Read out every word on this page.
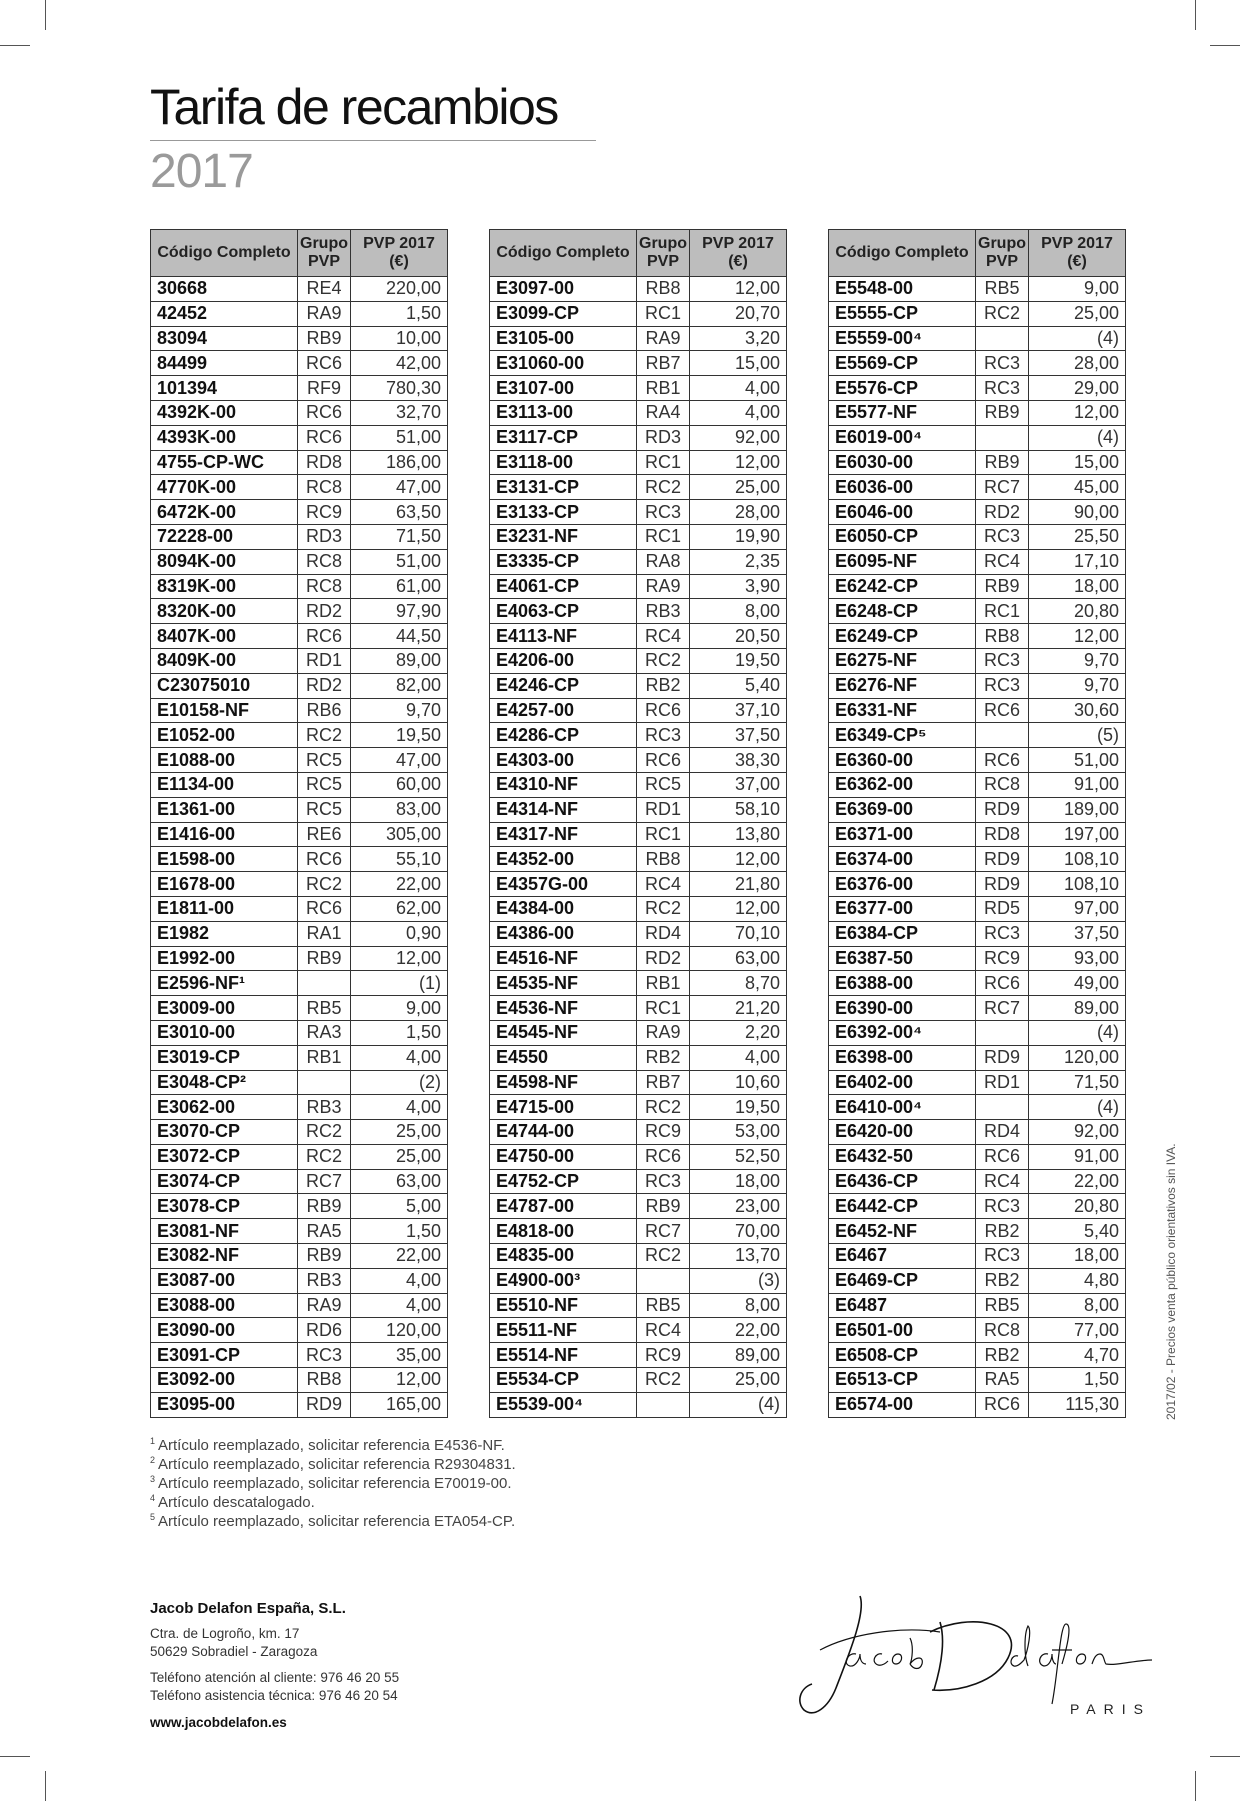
Tarifa de recambios
2017
Código Completo	Grupo PVP	PVP 2017 (€)
30668	RE4	220,00
42452	RA9	1,50
83094	RB9	10,00
84499	RC6	42,00
101394	RF9	780,30
4392K-00	RC6	32,70
4393K-00	RC6	51,00
4755-CP-WC	RD8	186,00
4770K-00	RC8	47,00
6472K-00	RC9	63,50
72228-00	RD3	71,50
8094K-00	RC8	51,00
8319K-00	RC8	61,00
8320K-00	RD2	97,90
8407K-00	RC6	44,50
8409K-00	RD1	89,00
C23075010	RD2	82,00
E10158-NF	RB6	9,70
E1052-00	RC2	19,50
E1088-00	RC5	47,00
E1134-00	RC5	60,00
E1361-00	RC5	83,00
E1416-00	RE6	305,00
E1598-00	RC6	55,10
E1678-00	RC2	22,00
E1811-00	RC6	62,00
E1982	RA1	0,90
E1992-00	RB9	12,00
E2596-NF¹		(1)
E3009-00	RB5	9,00
E3010-00	RA3	1,50
E3019-CP	RB1	4,00
E3048-CP²		(2)
E3062-00	RB3	4,00
E3070-CP	RC2	25,00
E3072-CP	RC2	25,00
E3074-CP	RC7	63,00
E3078-CP	RB9	5,00
E3081-NF	RA5	1,50
E3082-NF	RB9	22,00
E3087-00	RB3	4,00
E3088-00	RA9	4,00
E3090-00	RD6	120,00
E3091-CP	RC3	35,00
E3092-00	RB8	12,00
E3095-00	RD9	165,00
Código Completo	Grupo PVP	PVP 2017 (€)
E3097-00	RB8	12,00
E3099-CP	RC1	20,70
E3105-00	RA9	3,20
E31060-00	RB7	15,00
E3107-00	RB1	4,00
E3113-00	RA4	4,00
E3117-CP	RD3	92,00
E3118-00	RC1	12,00
E3131-CP	RC2	25,00
E3133-CP	RC3	28,00
E3231-NF	RC1	19,90
E3335-CP	RA8	2,35
E4061-CP	RA9	3,90
E4063-CP	RB3	8,00
E4113-NF	RC4	20,50
E4206-00	RC2	19,50
E4246-CP	RB2	5,40
E4257-00	RC6	37,10
E4286-CP	RC3	37,50
E4303-00	RC6	38,30
E4310-NF	RC5	37,00
E4314-NF	RD1	58,10
E4317-NF	RC1	13,80
E4352-00	RB8	12,00
E4357G-00	RC4	21,80
E4384-00	RC2	12,00
E4386-00	RD4	70,10
E4516-NF	RD2	63,00
E4535-NF	RB1	8,70
E4536-NF	RC1	21,20
E4545-NF	RA9	2,20
E4550	RB2	4,00
E4598-NF	RB7	10,60
E4715-00	RC2	19,50
E4744-00	RC9	53,00
E4750-00	RC6	52,50
E4752-CP	RC3	18,00
E4787-00	RB9	23,00
E4818-00	RC7	70,00
E4835-00	RC2	13,70
E4900-00³		(3)
E5510-NF	RB5	8,00
E5511-NF	RC4	22,00
E5514-NF	RC9	89,00
E5534-CP	RC2	25,00
E5539-00⁴		(4)
Código Completo	Grupo PVP	PVP 2017 (€)
E5548-00	RB5	9,00
E5555-CP	RC2	25,00
E5559-00⁴		(4)
E5569-CP	RC3	28,00
E5576-CP	RC3	29,00
E5577-NF	RB9	12,00
E6019-00⁴		(4)
E6030-00	RB9	15,00
E6036-00	RC7	45,00
E6046-00	RD2	90,00
E6050-CP	RC3	25,50
E6095-NF	RC4	17,10
E6242-CP	RB9	18,00
E6248-CP	RC1	20,80
E6249-CP	RB8	12,00
E6275-NF	RC3	9,70
E6276-NF	RC3	9,70
E6331-NF	RC6	30,60
E6349-CP⁵		(5)
E6360-00	RC6	51,00
E6362-00	RC8	91,00
E6369-00	RD9	189,00
E6371-00	RD8	197,00
E6374-00	RD9	108,10
E6376-00	RD9	108,10
E6377-00	RD5	97,00
E6384-CP	RC3	37,50
E6387-50	RC9	93,00
E6388-00	RC6	49,00
E6390-00	RC7	89,00
E6392-00⁴		(4)
E6398-00	RD9	120,00
E6402-00	RD1	71,50
E6410-00⁴		(4)
E6420-00	RD4	92,00
E6432-50	RC6	91,00
E6436-CP	RC4	22,00
E6442-CP	RC3	20,80
E6452-NF	RB2	5,40
E6467	RC3	18,00
E6469-CP	RB2	4,80
E6487	RB5	8,00
E6501-00	RC8	77,00
E6508-CP	RB2	4,70
E6513-CP	RA5	1,50
E6574-00	RC6	115,30	2017/02 - Precios venta público orientativos sin IVA.
$^1$ Artículo reemplazado, solicitar referencia E4536-NF.
$^2$ Artículo reemplazado, solicitar referencia R29304831.
$^3$ Artículo reemplazado, solicitar referencia E70019-00.
$^4$ Artículo descatalogado.
$^5$ Artículo reemplazado, solicitar referencia ETA054-CP.
Jacob Delafon España, S.L.
Ctra. de Logroño, km. 17
50629 Sobradiel - Zaragoza
Teléfono atención al cliente: 976 46 20 55
Teléfono asistencia técnica: 976 46 20 54
www.jacobdelafon.es
PARIS
